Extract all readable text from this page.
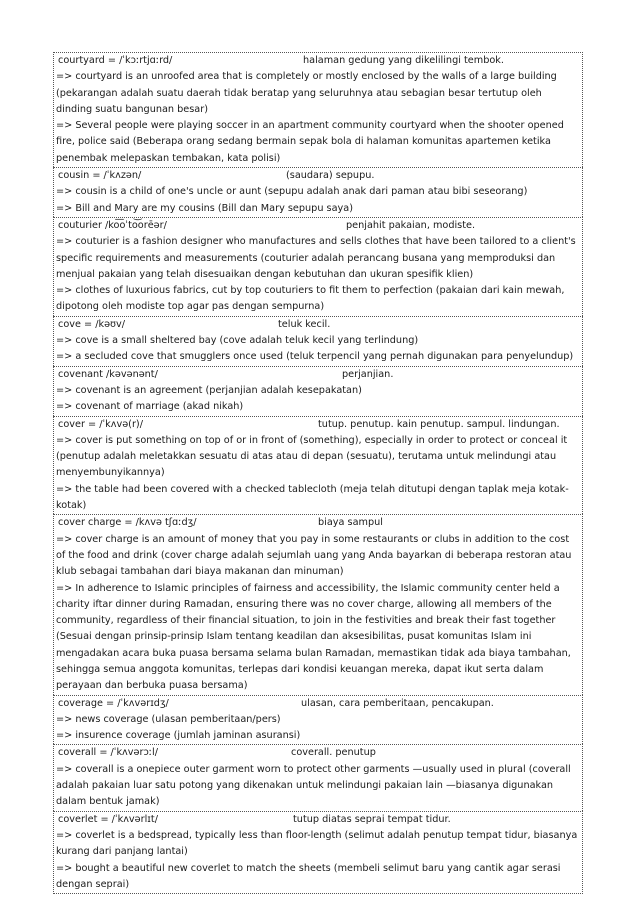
courtyard = /ˈkɔːrtjɑːrd/	halaman gedung yang dikelilingi tembok.
=> courtyard is an unroofed area that is completely or mostly enclosed by the walls of a large building (pekarangan adalah suatu daerah tidak beratap yang seluruhnya atau sebagian besar tertutup oleh dinding suatu bangunan besar)
=> Several people were playing soccer in an apartment community courtyard when the shooter opened fire, police said (Beberapa orang sedang bermain sepak bola di halaman komunitas apartemen ketika penembak melepaskan tembakan, kata polisi)
cousin = /ˈkʌzən/	(saudara) sepupu.
=> cousin is a child of one's uncle or aunt (sepupu adalah anak dari paman atau bibi seseorang)
=> Bill and Mary are my cousins (Bill dan Mary sepupu saya)
couturier /ko͞oˈto͝orēər/	penjahit pakaian, modiste.
=> couturier is a fashion designer who manufactures and sells clothes that have been tailored to a client's specific requirements and measurements (couturier adalah perancang busana yang memproduksi dan menjual pakaian yang telah disesuaikan dengan kebutuhan dan ukuran spesifik klien)
=> clothes of luxurious fabrics, cut by top couturiers to fit them to perfection (pakaian dari kain mewah, dipotong oleh modiste top agar pas dengan sempurna)
cove = /kəʊv/	teluk kecil.
=> cove is a small sheltered bay (cove adalah teluk kecil yang terlindung)
=> a secluded cove that smugglers once used (teluk terpencil yang pernah digunakan para penyelundup)
covenant /kəvənənt/	perjanjian.
=> covenant is an agreement (perjanjian adalah kesepakatan)
=> covenant of marriage (akad nikah)
cover = /ˈkʌvə(r)/	tutup. penutup. kain penutup. sampul. lindungan.
=> cover is put something on top of or in front of (something), especially in order to protect or conceal it (penutup adalah meletakkan sesuatu di atas atau di depan (sesuatu), terutama untuk melindungi atau menyembunyikannya)
=> the table had been covered with a checked tablecloth (meja telah ditutupi dengan taplak meja kotak-kotak)
cover charge = /kʌvə tʃɑːdʒ/	biaya sampul
=> cover charge is an amount of money that you pay in some restaurants or clubs in addition to the cost of the food and drink (cover charge adalah sejumlah uang yang Anda bayarkan di beberapa restoran atau klub sebagai tambahan dari biaya makanan dan minuman)
=> In adherence to Islamic principles of fairness and accessibility, the Islamic community center held a charity iftar dinner during Ramadan, ensuring there was no cover charge, allowing all members of the community, regardless of their financial situation, to join in the festivities and break their fast together (Sesuai dengan prinsip-prinsip Islam tentang keadilan dan aksesibilitas, pusat komunitas Islam ini mengadakan acara buka puasa bersama selama bulan Ramadan, memastikan tidak ada biaya tambahan, sehingga semua anggota komunitas, terlepas dari kondisi keuangan mereka, dapat ikut serta dalam perayaan dan berbuka puasa bersama)
coverage = /ˈkʌvərɪdʒ/	ulasan, cara pemberitaan, pencakupan.
=> news coverage (ulasan pemberitaan/pers)
=> insurence coverage (jumlah jaminan asuransi)
coverall = /ˈkʌvərɔːl/	coverall. penutup
=> coverall is a onepiece outer garment worn to protect other garments —usually used in plural (coverall adalah pakaian luar satu potong yang dikenakan untuk melindungi pakaian lain —biasanya digunakan dalam bentuk jamak)
coverlet = /ˈkʌvərlɪt/	tutup diatas seprai tempat tidur.
=> coverlet is a bedspread, typically less than floor-length (selimut adalah penutup tempat tidur, biasanya kurang dari panjang lantai)
=> bought a beautiful new coverlet to match the sheets (membeli selimut baru yang cantik agar serasi dengan seprai)
